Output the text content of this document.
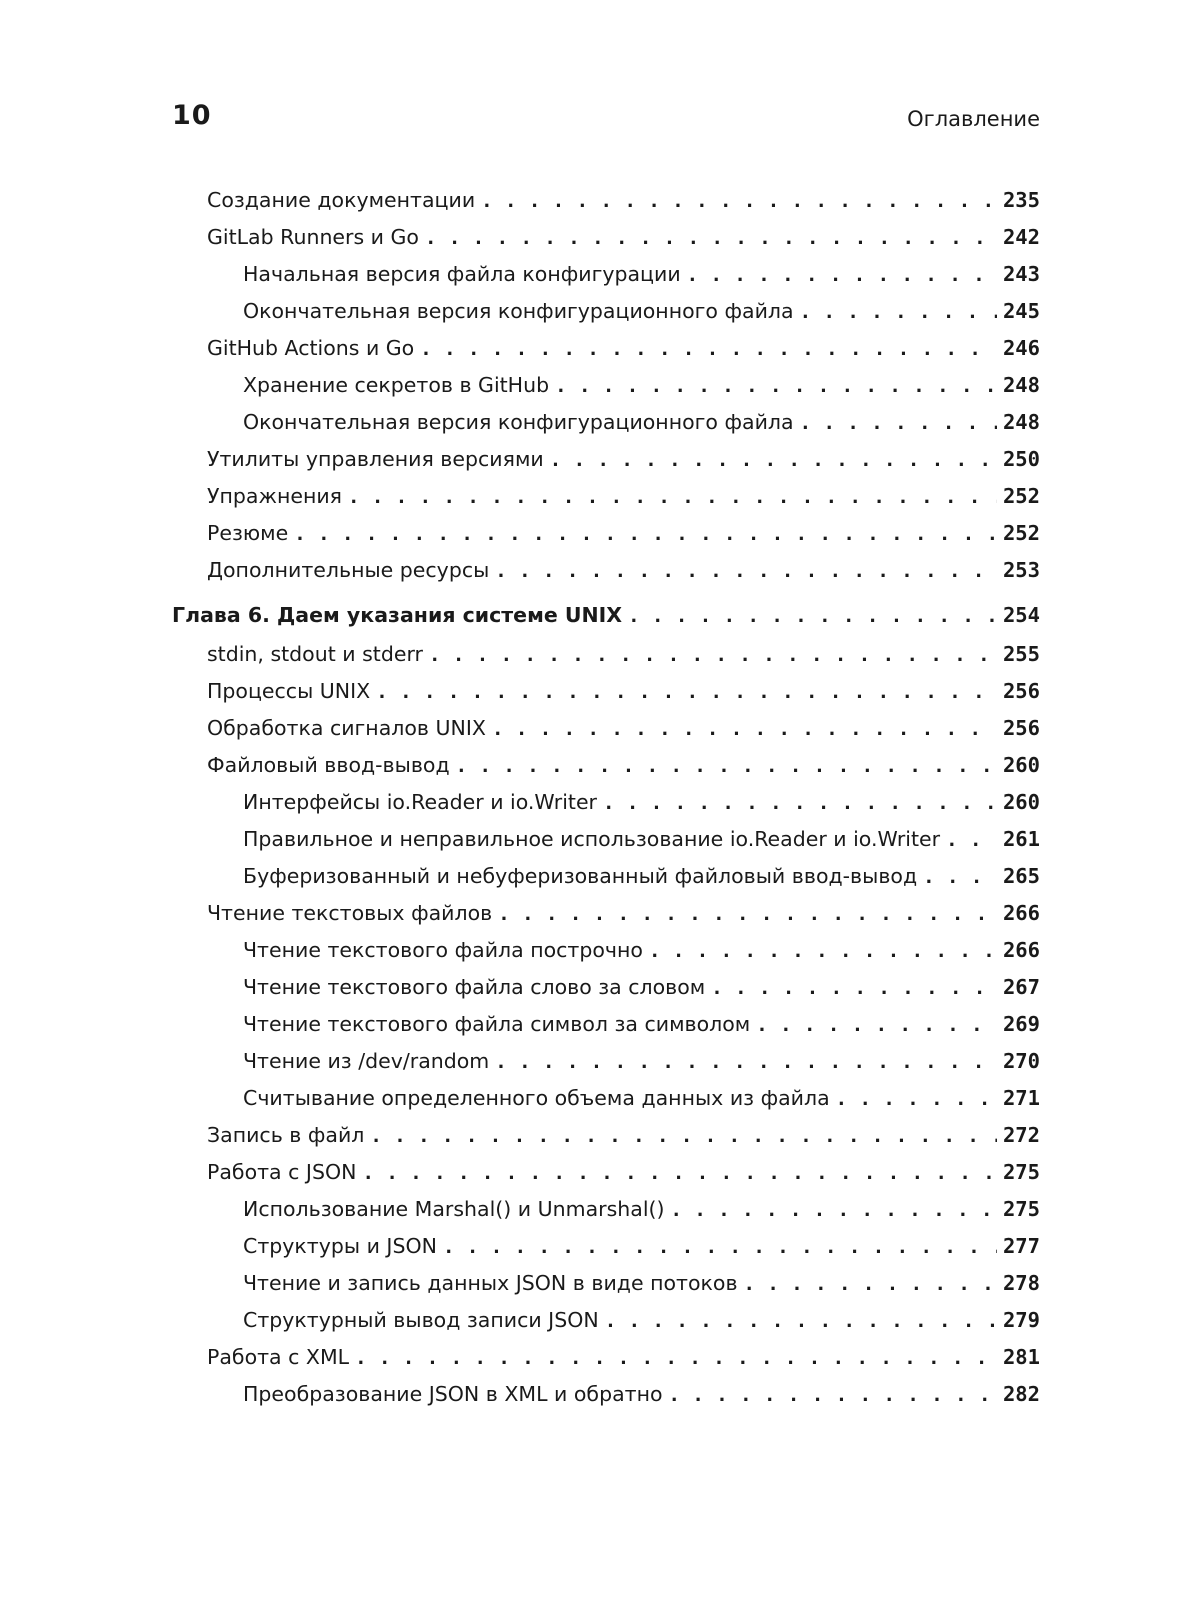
10	Оглавление
Создание документации . . .	235
GitLab Runners и Go . . .	242
Начальная версия файла конфигурации . . .	243
Окончательная версия конфигурационного файла . . .	245
GitHub Actions и Go . . .	246
Хранение секретов в GitHub . . .	248
Окончательная версия конфигурационного файла . . .	248
Утилиты управления версиями . . .	250
Упражнения . . .	252
Резюме . . .	252
Дополнительные ресурсы . . .	253
Глава 6. Даем указания системе UNIX . . .	254
stdin, stdout и stderr . . .	255
Процессы UNIX . . .	256
Обработка сигналов UNIX . . .	256
Файловый ввод-вывод . . .	260
Интерфейсы io.Reader и io.Writer . . .	260
Правильное и неправильное использование io.Reader и io.Writer . . .	261
Буферизованный и небуферизованный файловый ввод-вывод . . .	265
Чтение текстовых файлов . . .	266
Чтение текстового файла построчно . . .	266
Чтение текстового файла слово за словом . . .	267
Чтение текстового файла символ за символом . . .	269
Чтение из /dev/random . . .	270
Считывание определенного объема данных из файла . . .	271
Запись в файл . . .	272
Работа с JSON . . .	275
Использование Marshal() и Unmarshal() . . .	275
Структуры и JSON . . .	277
Чтение и запись данных JSON в виде потоков . . .	278
Структурный вывод записи JSON . . .	279
Работа с XML . . .	281
Преобразование JSON в XML и обратно . . .	282
